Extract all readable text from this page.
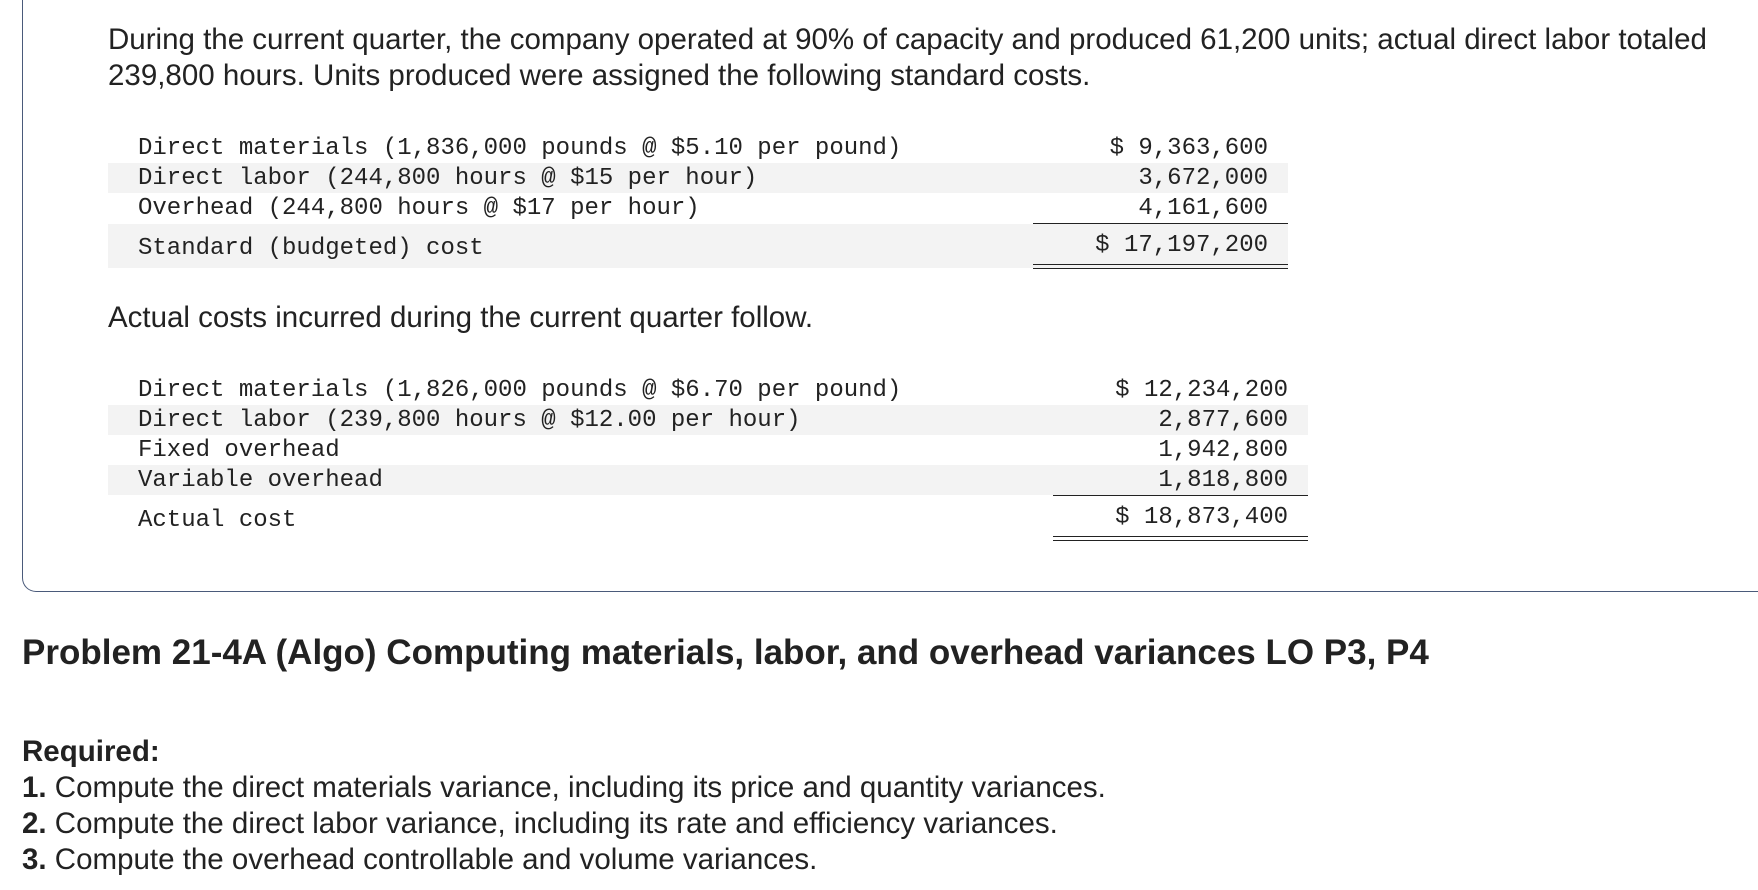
During the current quarter, the company operated at 90% of capacity and produced 61,200 units; actual direct labor totaled 239,800 hours. Units produced were assigned the following standard costs.
Direct materials (1,836,000 pounds @ $5.10 per pound)	$ 9,363,600
Direct labor (244,800 hours @ $15 per hour)	3,672,000
Overhead (244,800 hours @ $17 per hour)	4,161,600
Standard (budgeted) cost	$ 17,197,200
Actual costs incurred during the current quarter follow.
Direct materials (1,826,000 pounds @ $6.70 per pound)	$ 12,234,200
Direct labor (239,800 hours @ $12.00 per hour)	2,877,600
Fixed overhead	1,942,800
Variable overhead	1,818,800
Actual cost	$ 18,873,400
Problem 21-4A (Algo) Computing materials, labor, and overhead variances LO P3, P4
Required:
1. Compute the direct materials variance, including its price and quantity variances.
2. Compute the direct labor variance, including its rate and efficiency variances.
3. Compute the overhead controllable and volume variances.
